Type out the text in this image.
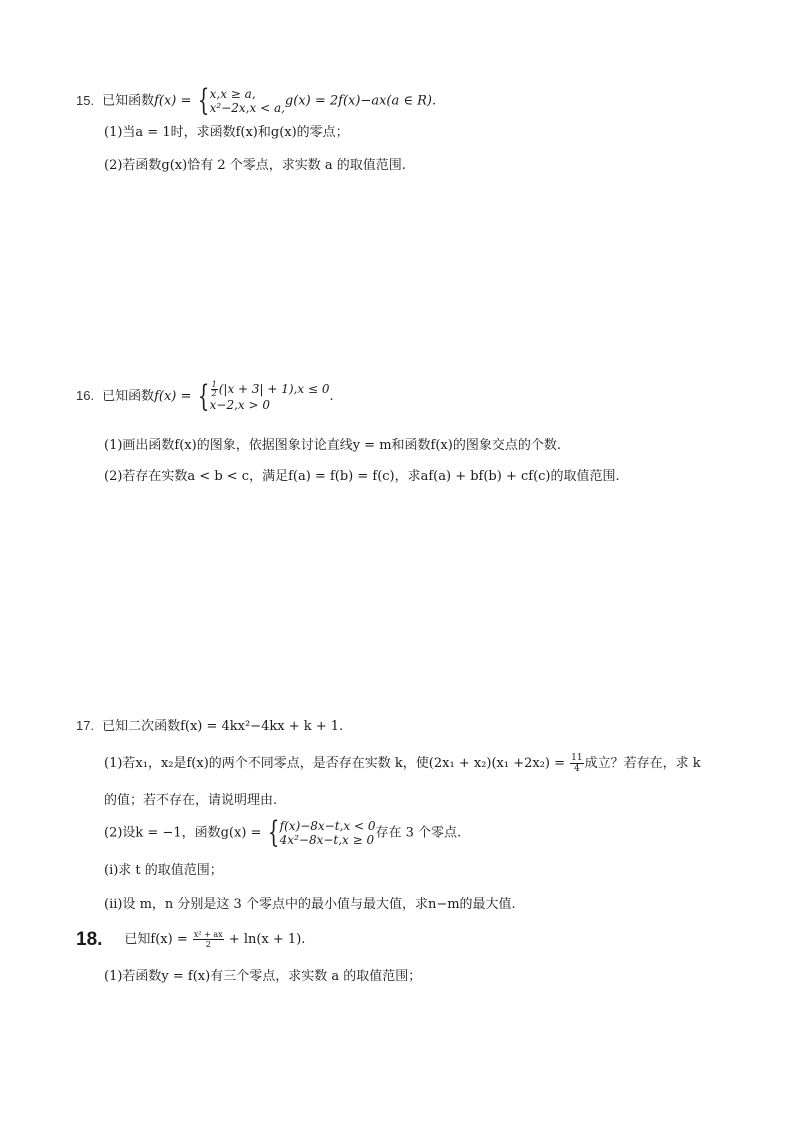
15. 已知函数f(x) = { x,x ≥ a,
x²−2x,x < a, g(x) = 2f(x)−ax(a ∈ R).
(1)当a = 1时，求函数f(x)和g(x)的零点；
(2)若函数g(x)恰有 2 个零点，求实数 a 的取值范围.
16. 已知函数f(x) = { $\frac{1}{2} (|x + 3| + 1),x \le 0$
x−2,x > 0
.
(1)画出函数f(x)的图象，依据图象讨论直线y = m和函数f(x)的图象交点的个数.
(2)若存在实数a < b < c，满足f(a) = f(b) = f(c)，求af(a) + bf(b) + cf(c)的取值范围.
17. 已知二次函数f(x) = 4kx²−4kx + k + 1.
(1)若x₁，x₂是f(x)的两个不同零点，是否存在实数 k，使$(2x_1 + x_2)(x_1 +2x_2) = \frac{11}{4}$ 成立？若存在，求 k
的值；若不存在，请说明理由.
(2)设k = −1，函数g(x) = { f(x)−8x−t,x < 0
4x²−8x−t,x ≥ 0 存在 3 个零点.
(ⅰ)求 t 的取值范围；
(ⅱ)设 m，n 分别是这 3 个零点中的最小值与最大值，求n−m的最大值.
18. 已知$f(x) = \frac{\text{x² + ax}}{2} + \ln(x + 1)$.
(1)若函数y = f(x)有三个零点，求实数 a 的取值范围；
